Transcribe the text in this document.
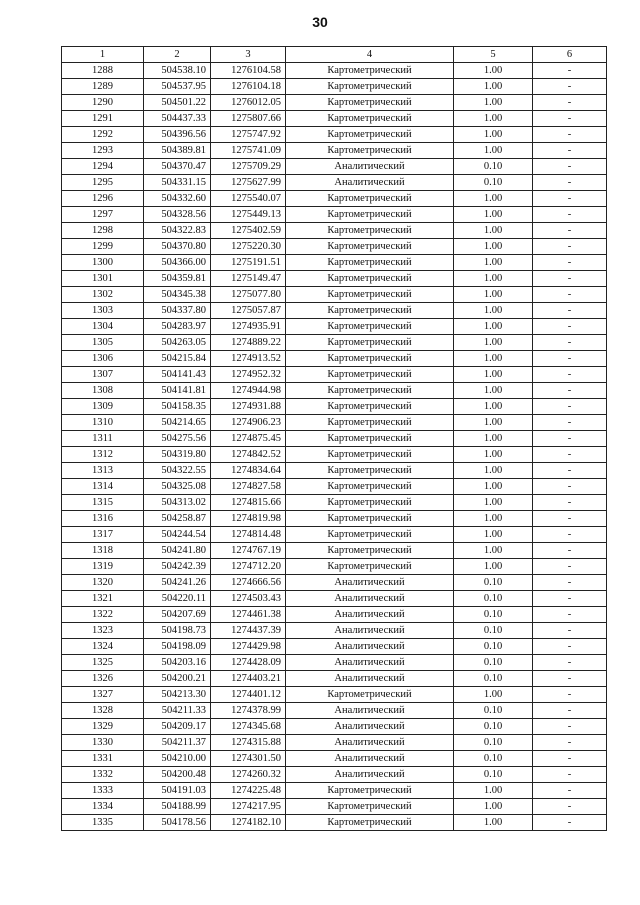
30
1	2	3	4	5	6
1288	504538.10	1276104.58	Картометрический	1.00	-
1289	504537.95	1276104.18	Картометрический	1.00	-
1290	504501.22	1276012.05	Картометрический	1.00	-
1291	504437.33	1275807.66	Картометрический	1.00	-
1292	504396.56	1275747.92	Картометрический	1.00	-
1293	504389.81	1275741.09	Картометрический	1.00	-
1294	504370.47	1275709.29	Аналитический	0.10	-
1295	504331.15	1275627.99	Аналитический	0.10	-
1296	504332.60	1275540.07	Картометрический	1.00	-
1297	504328.56	1275449.13	Картометрический	1.00	-
1298	504322.83	1275402.59	Картометрический	1.00	-
1299	504370.80	1275220.30	Картометрический	1.00	-
1300	504366.00	1275191.51	Картометрический	1.00	-
1301	504359.81	1275149.47	Картометрический	1.00	-
1302	504345.38	1275077.80	Картометрический	1.00	-
1303	504337.80	1275057.87	Картометрический	1.00	-
1304	504283.97	1274935.91	Картометрический	1.00	-
1305	504263.05	1274889.22	Картометрический	1.00	-
1306	504215.84	1274913.52	Картометрический	1.00	-
1307	504141.43	1274952.32	Картометрический	1.00	-
1308	504141.81	1274944.98	Картометрический	1.00	-
1309	504158.35	1274931.88	Картометрический	1.00	-
1310	504214.65	1274906.23	Картометрический	1.00	-
1311	504275.56	1274875.45	Картометрический	1.00	-
1312	504319.80	1274842.52	Картометрический	1.00	-
1313	504322.55	1274834.64	Картометрический	1.00	-
1314	504325.08	1274827.58	Картометрический	1.00	-
1315	504313.02	1274815.66	Картометрический	1.00	-
1316	504258.87	1274819.98	Картометрический	1.00	-
1317	504244.54	1274814.48	Картометрический	1.00	-
1318	504241.80	1274767.19	Картометрический	1.00	-
1319	504242.39	1274712.20	Картометрический	1.00	-
1320	504241.26	1274666.56	Аналитический	0.10	-
1321	504220.11	1274503.43	Аналитический	0.10	-
1322	504207.69	1274461.38	Аналитический	0.10	-
1323	504198.73	1274437.39	Аналитический	0.10	-
1324	504198.09	1274429.98	Аналитический	0.10	-
1325	504203.16	1274428.09	Аналитический	0.10	-
1326	504200.21	1274403.21	Аналитический	0.10	-
1327	504213.30	1274401.12	Картометрический	1.00	-
1328	504211.33	1274378.99	Аналитический	0.10	-
1329	504209.17	1274345.68	Аналитический	0.10	-
1330	504211.37	1274315.88	Аналитический	0.10	-
1331	504210.00	1274301.50	Аналитический	0.10	-
1332	504200.48	1274260.32	Аналитический	0.10	-
1333	504191.03	1274225.48	Картометрический	1.00	-
1334	504188.99	1274217.95	Картометрический	1.00	-
1335	504178.56	1274182.10	Картометрический	1.00	-
